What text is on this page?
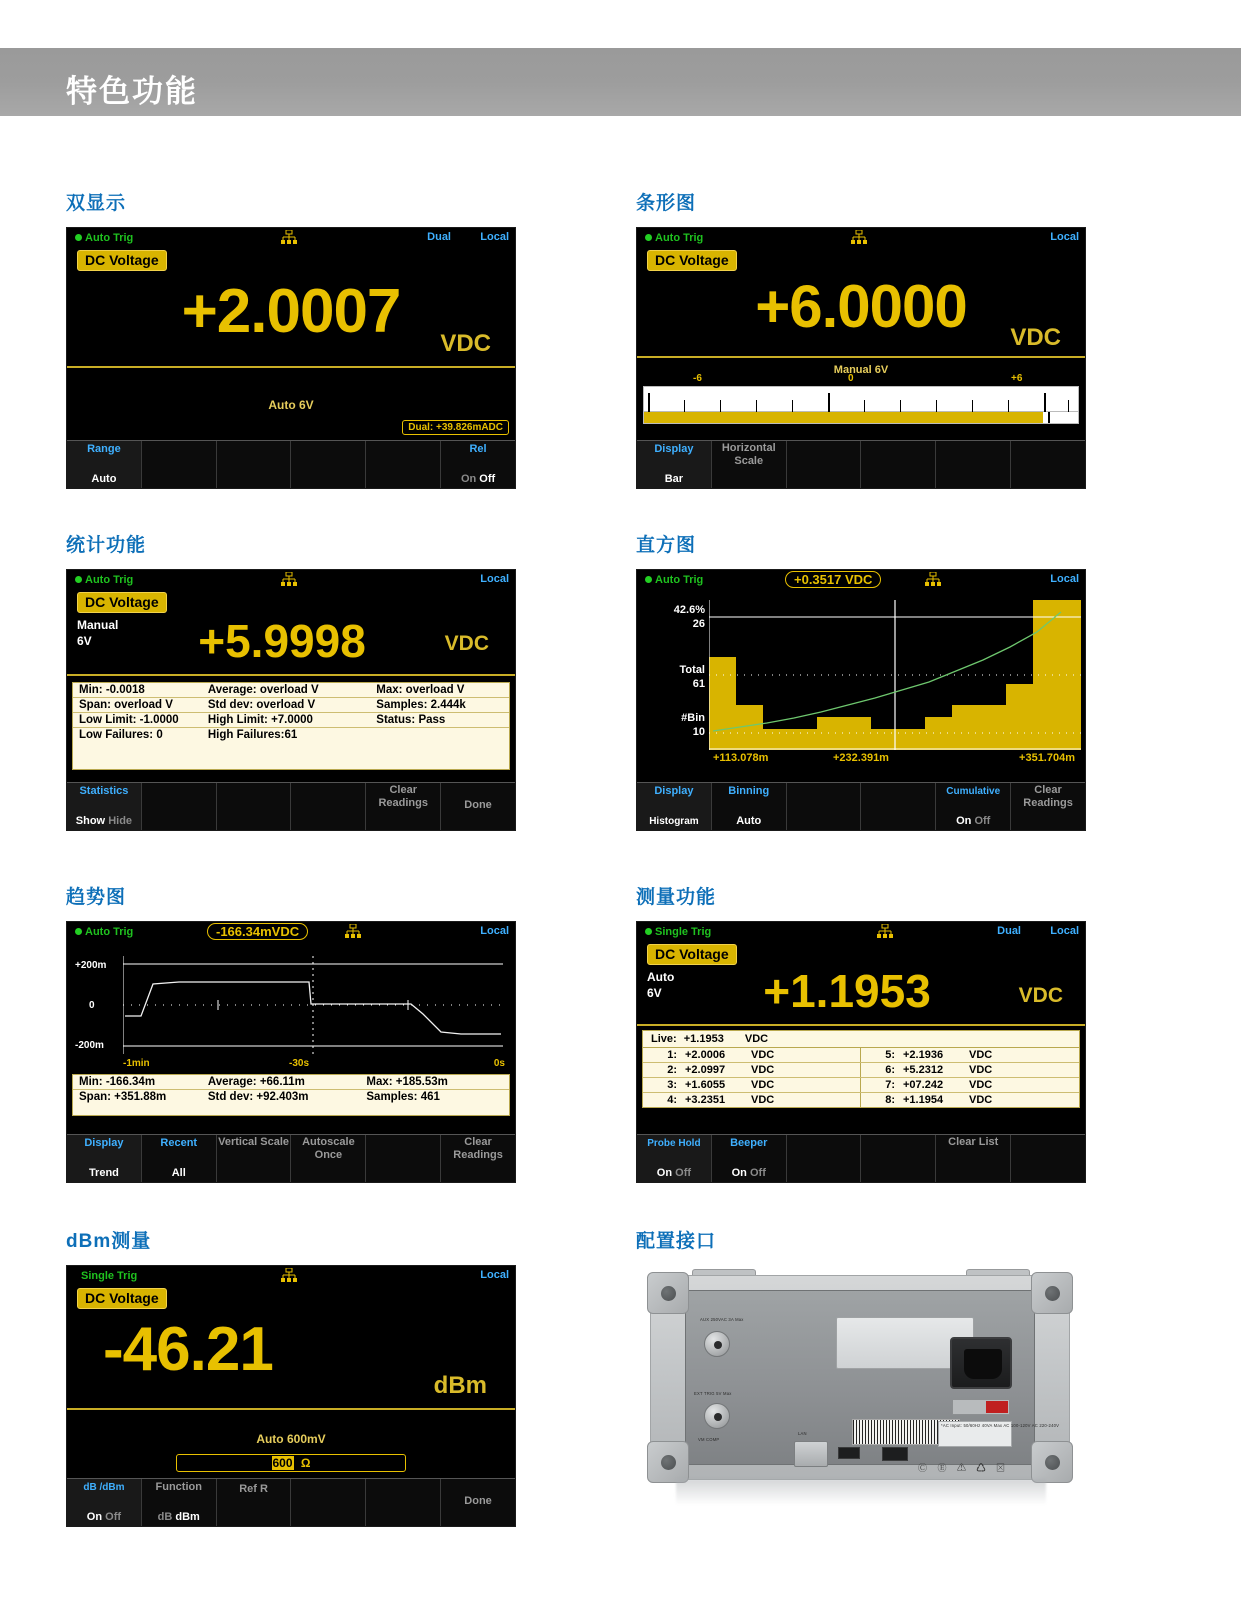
特色功能
双显示
Auto Trig	Dual	Local
DC Voltage
+2.0007	VDC
Auto 6V
Dual: +39.826mADC
Range
Auto
Rel
On Off
条形图
Auto Trig	Local
DC Voltage
+6.0000	VDC
Manual 6V
-6	0	+6
Display
Bar
Horizontal Scale
统计功能
Auto Trig	Local
DC Voltage
Manual
6V	+5.9998	VDC
Min: -0.0018	Average: overload V	Max: overload V
Span: overload V	Std dev: overload V	Samples: 2.444k
Low Limit: -1.0000	High Limit: +7.0000	Status: Pass
Low Failures: 0	High Failures:61
Statistics
Show Hide
Clear Readings	Done
直方图
Auto Trig	+0.3517 VDC	Local
42.6%
26
Total
61
#Bin
10
+113.078m	+232.391m	+351.704m
Display
Histogram
Binning
Auto
Cumulative
On Off
Clear Readings
趋势图
Auto Trig	-166.34mVDC	Local
+200m
0
-200m
-1min	-30s	0s
Min: -166.34m	Average: +66.11m	Max: +185.53m
Span: +351.88m	Std dev: +92.403m	Samples: 461
Display
Trend
Recent
All
Vertical Scale	Autoscale Once
Clear Readings
测量功能
Single Trig	Dual	Local
DC Voltage
Auto
6V	+1.1953	VDC
Live: +1.1953 VDC
1: +2.0006	VDC	5: +2.1936	VDC
2: +2.0997	VDC	6: +5.2312	VDC
3: +1.6055	VDC	7: +07.242	VDC
4: +3.2351	VDC	8: +1.1954	VDC
Probe Hold
On Off
Beeper
On Off
Clear List
dBm测量
Single Trig	Local
DC Voltage
-46.21
dBm
Auto 600mV
600 Ω
dB /dBm
On Off
Function
dB dBm
Ref R
Done
配置接口
*AC Input: 50/60Hz 40VA Max AC 100-120V AC 220-240V
EXT TRIG 5V Max
VM COMP
AUX 250VAC 3A Max
LAN
Ⓒ Ⓔ ⚠ ♺ ⊠
